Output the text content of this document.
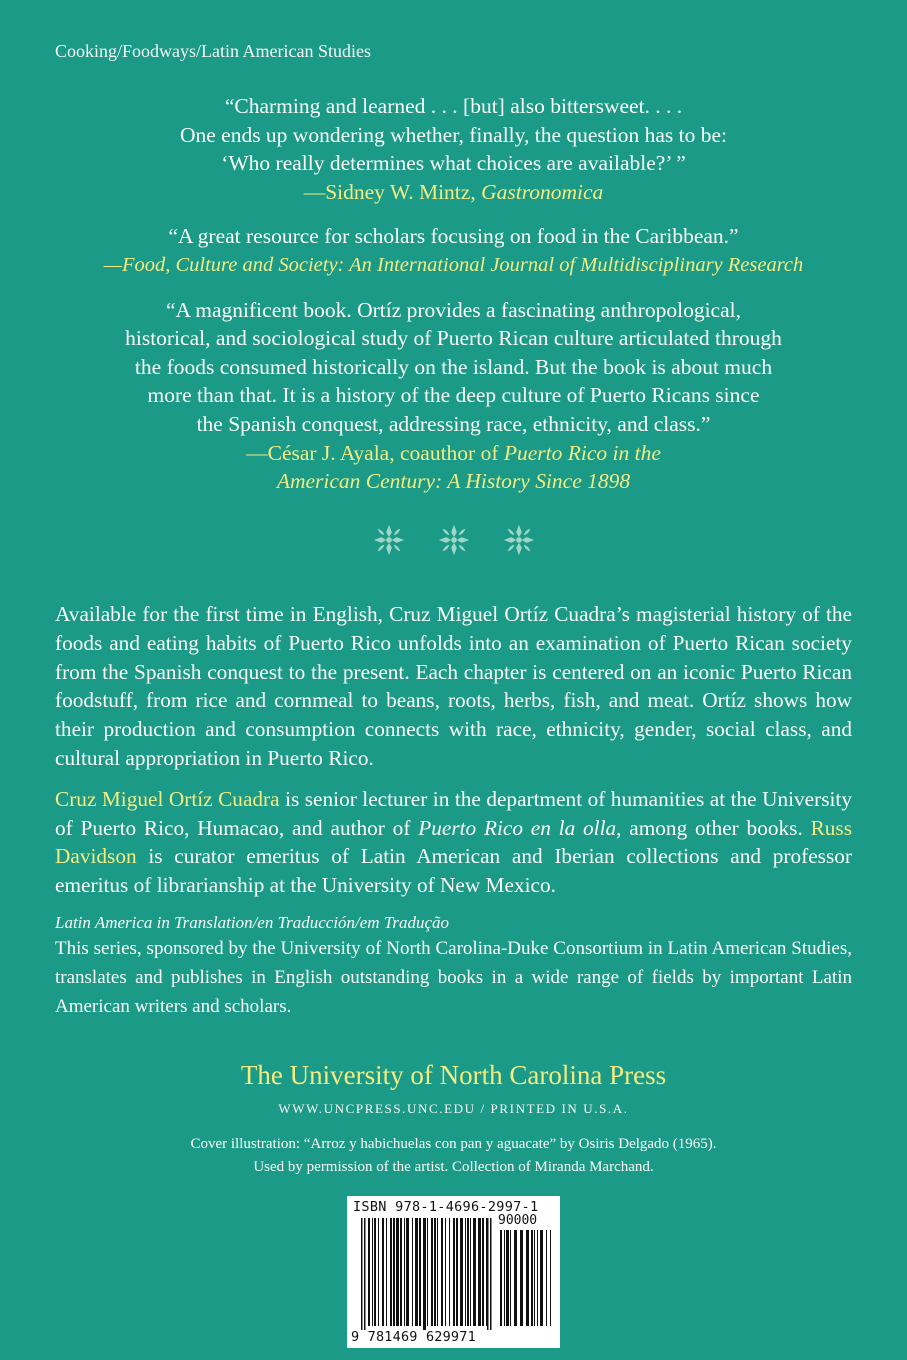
Cooking/Foodways/Latin American Studies
“Charming and learned . . . [but] also bittersweet. . . .
One ends up wondering whether, finally, the question has to be:
‘Who really determines what choices are available?’ ”
—Sidney W. Mintz, Gastronomica
“A great resource for scholars focusing on food in the Caribbean.”
—Food, Culture and Society: An International Journal of Multidisciplinary Research
“A magnificent book. Ortíz provides a fascinating anthropological,
historical, and sociological study of Puerto Rican culture articulated through
the foods consumed historically on the island. But the book is about much
more than that. It is a history of the deep culture of Puerto Ricans since
the Spanish conquest, addressing race, ethnicity, and class.”
—César J. Ayala, coauthor of Puerto Rico in the
American Century: A History Since 1898

Available for the first time in English, Cruz Miguel Ortíz Cuadra’s magisterial history of the foods and eating habits of Puerto Rico unfolds into an examination of Puerto Rican society from the Spanish conquest to the present. Each chapter is centered on an iconic Puerto Rican foodstuff, from rice and cornmeal to beans, roots, herbs, fish, and meat. Ortíz shows how their production and consumption connects with race, ethnicity, gender, social class, and cultural appropriation in Puerto Rico.

Cruz Miguel Ortíz Cuadra is senior lecturer in the department of humanities at the University of Puerto Rico, Humacao, and author of Puerto Rico en la olla, among other books. Russ Davidson is curator emeritus of Latin American and Iberian collections and professor emeritus of librarianship at the University of New Mexico.

Latin America in Translation/en Traducción/em Tradução

This series, sponsored by the University of North Carolina-Duke Consortium in Latin American Studies, translates and publishes in English outstanding books in a wide range of fields by important Latin American writers and scholars.

The University of North Carolina Press
WWW.UNCPRESS.UNC.EDU / PRINTED IN U.S.A.
Cover illustration: “Arroz y habichuelas con pan y aguacate” by Osiris Delgado (1965).
Used by permission of the artist. Collection of Miranda Marchand.
ISBN 978-1-4696-2997-1
90000
9 781469 629971
